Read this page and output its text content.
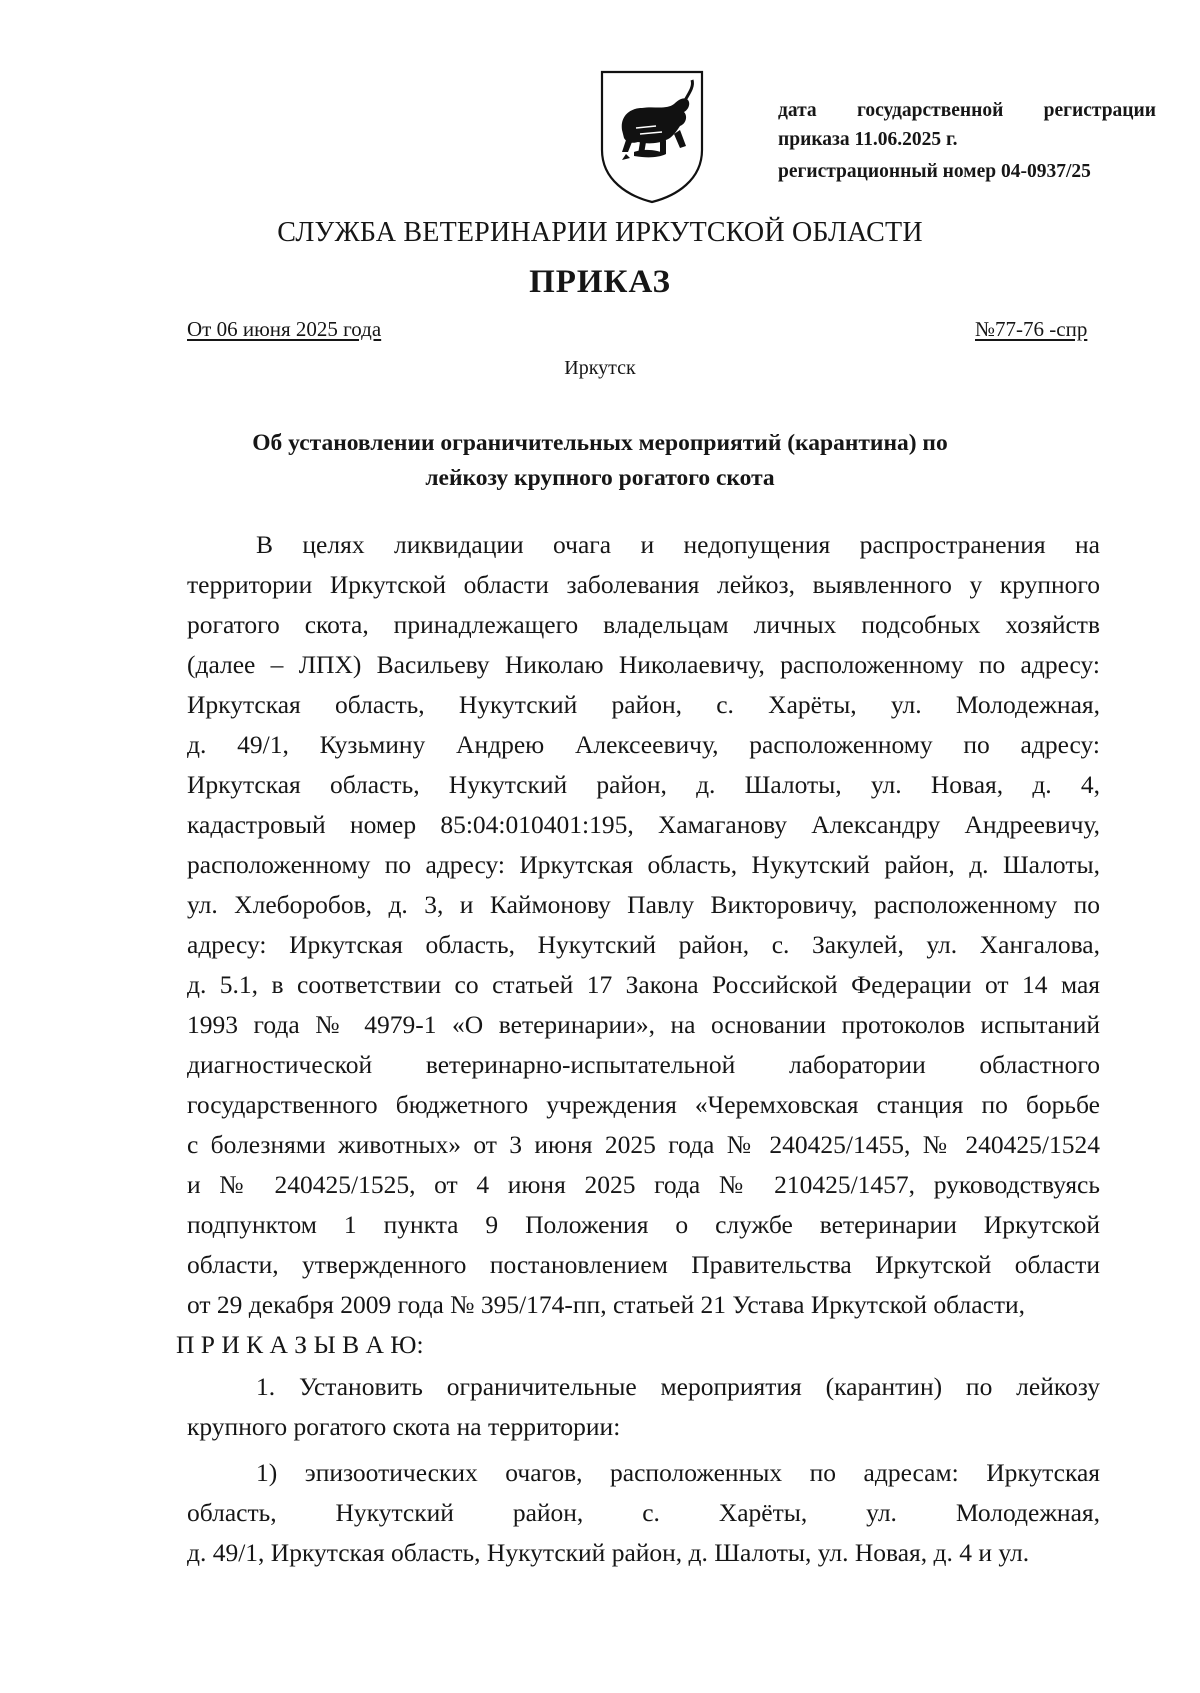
дата государственной регистрации
приказа 11.06.2025 г.
регистрационный номер 04-0937/25
СЛУЖБА ВЕТЕРИНАРИИ ИРКУТСКОЙ ОБЛАСТИ
ПРИКАЗ
От 06 июня 2025 года	№77-76 -спр
Иркутск
Об установлении ограничительных мероприятий (карантина) по
лейкозу крупного рогатого скота
В целях ликвидации очага и недопущения распространения на
территории Иркутской области заболевания лейкоз, выявленного у крупного
рогатого скота, принадлежащего владельцам личных подсобных хозяйств
(далее – ЛПХ) Васильеву Николаю Николаевичу, расположенному по адресу:
Иркутская область, Нукутский район, с. Харёты, ул. Молодежная,
д. 49/1, Кузьмину Андрею Алексеевичу, расположенному по адресу:
Иркутская область, Нукутский район, д. Шалоты, ул. Новая, д. 4,
кадастровый номер 85:04:010401:195, Хамаганову Александру Андреевичу,
расположенному по адресу: Иркутская область, Нукутский район, д. Шалоты,
ул. Хлеборобов, д. 3, и Каймонову Павлу Викторовичу, расположенному по
адресу: Иркутская область, Нукутский район, с. Закулей, ул. Хангалова,
д. 5.1, в соответствии со статьей 17 Закона Российской Федерации от 14 мая
1993 года № 4979-1 «О ветеринарии», на основании протоколов испытаний
диагностической ветеринарно-испытательной лаборатории областного
государственного бюджетного учреждения «Черемховская станция по борьбе
с болезнями животных» от 3 июня 2025 года № 240425/1455, № 240425/1524
и № 240425/1525, от 4 июня 2025 года № 210425/1457, руководствуясь
подпунктом 1 пункта 9 Положения о службе ветеринарии Иркутской
области, утвержденного постановлением Правительства Иркутской области
от 29 декабря 2009 года № 395/174-пп, статьей 21 Устава Иркутской области,
П Р И К А З Ы В А Ю:
1. Установить ограничительные мероприятия (карантин) по лейкозу
крупного рогатого скота на территории:
1) эпизоотических очагов, расположенных по адресам: Иркутская
область, Нукутский район, с. Харёты, ул. Молодежная,
д. 49/1, Иркутская область, Нукутский район, д. Шалоты, ул. Новая, д. 4 и ул.
